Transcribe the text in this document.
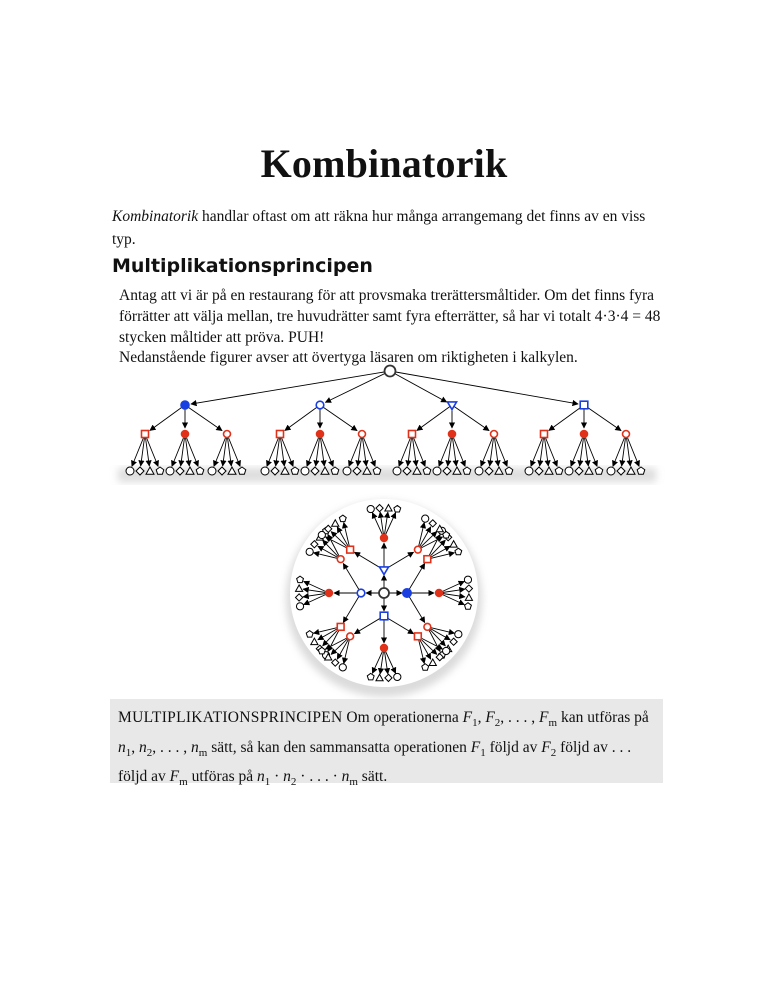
Kombinatorik
Kombinatorik handlar oftast om att räkna hur många arrangemang det finns av en viss typ.
Multiplikationsprincipen
Antag att vi är på en restaurang för att provsmaka trerättersmåltider. Om det finns fyra förrätter att välja mellan, tre huvudrätter samt fyra efterrätter, så har vi totalt 4·3·4 = 48 stycken måltider att pröva. PUH!
Nedanstående figurer avser att övertyga läsaren om riktigheten i kalkylen.
MULTIPLIKATIONSPRINCIPEN Om operationerna $F_1$, $F_2$, . . . , $F_m$ kan utföras på $n_1$, $n_2$, . . . , $n_m$ sätt, så kan den sammansatta operationen $F_1$ följd av $F_2$ följd av . . . följd av $F_m$ utföras på $n_1 \cdot n_2$ · . . . · $n_m$ sätt.
